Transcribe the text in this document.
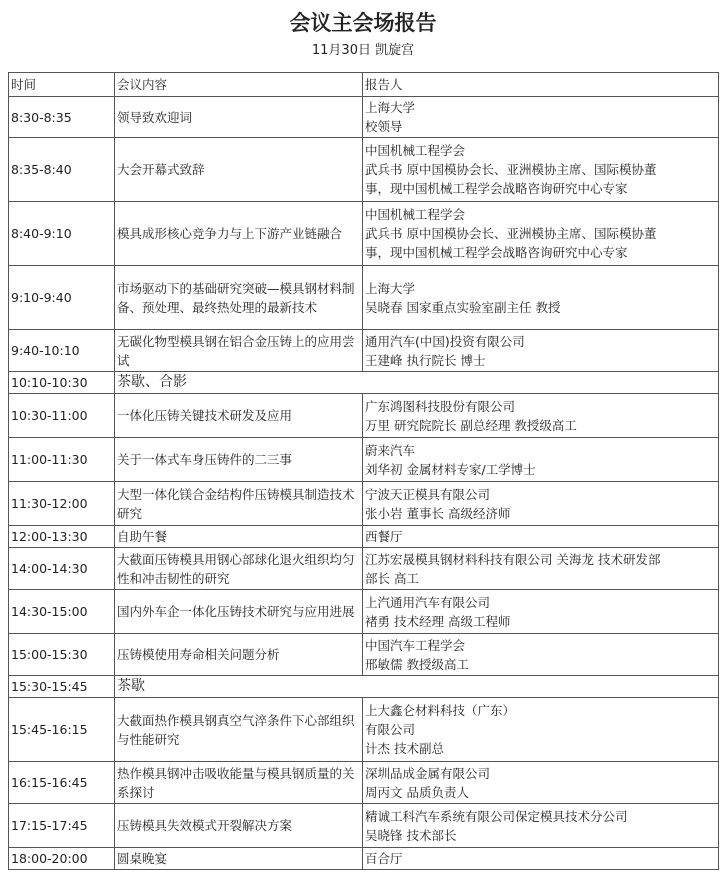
会议主会场报告
11月30日 凯旋宫
时间	会议内容	报告人
8:30-8:35	领导致欢迎词	上海大学
校领导

8:35-8:40	大会开幕式致辞	中国机械工程学会
武兵书 原中国模协会长、亚洲模协主席、国际模协董
事，现中国机械工程学会战略咨询研究中心专家

8:40-9:10	模具成形核心竞争力与上下游产业链融合	中国机械工程学会
武兵书 原中国模协会长、亚洲模协主席、国际模协董
事，现中国机械工程学会战略咨询研究中心专家

9:10-9:40	市场驱动下的基础研究突破—模具钢材料制备、预处理、最终热处理的最新技术	上海大学
吴晓春 国家重点实验室副主任 教授

9:40-10:10	无碳化物型模具钢在铝合金压铸上的应用尝试	通用汽车(中国)投资有限公司
王建峰 执行院长 博士

10:10-10:30	茶歇、合影	
10:30-11:00	一体化压铸关键技术研发及应用	广东鸿图科技股份有限公司
万里 研究院院长 副总经理 教授级高工

11:00-11:30	关于一体式车身压铸件的二三事	蔚来汽车
刘华初 金属材料专家/工学博士

11:30-12:00	大型一体化镁合金结构件压铸模具制造技术研究	宁波天正模具有限公司
张小岩 董事长 高级经济师

12:00-13:30	自助午餐	西餐厅

14:00-14:30	大截面压铸模具用钢心部球化退火组织均匀性和冲击韧性的研究	江苏宏晟模具钢材料科技有限公司 关海龙 技术研发部
部长 高工

14:30-15:00	国内外车企一体化压铸技术研究与应用进展	上汽通用汽车有限公司
褚勇 技术经理 高级工程师

15:00-15:30	压铸模使用寿命相关问题分析	中国汽车工程学会
邢敏儒 教授级高工

15:30-15:45	茶歇	
15:45-16:15	大截面热作模具钢真空气淬条件下心部组织与性能研究	上大鑫仑材料科技（广东）
有限公司
计杰 技术副总

16:15-16:45	热作模具钢冲击吸收能量与模具钢质量的关系探讨	深圳品成金属有限公司
周丙文 品质负责人

17:15-17:45	压铸模具失效模式开裂解决方案	精诚工科汽车系统有限公司保定模具技术分公司
吴晓锋 技术部长

18:00-20:00	圆桌晚宴	百合厅
